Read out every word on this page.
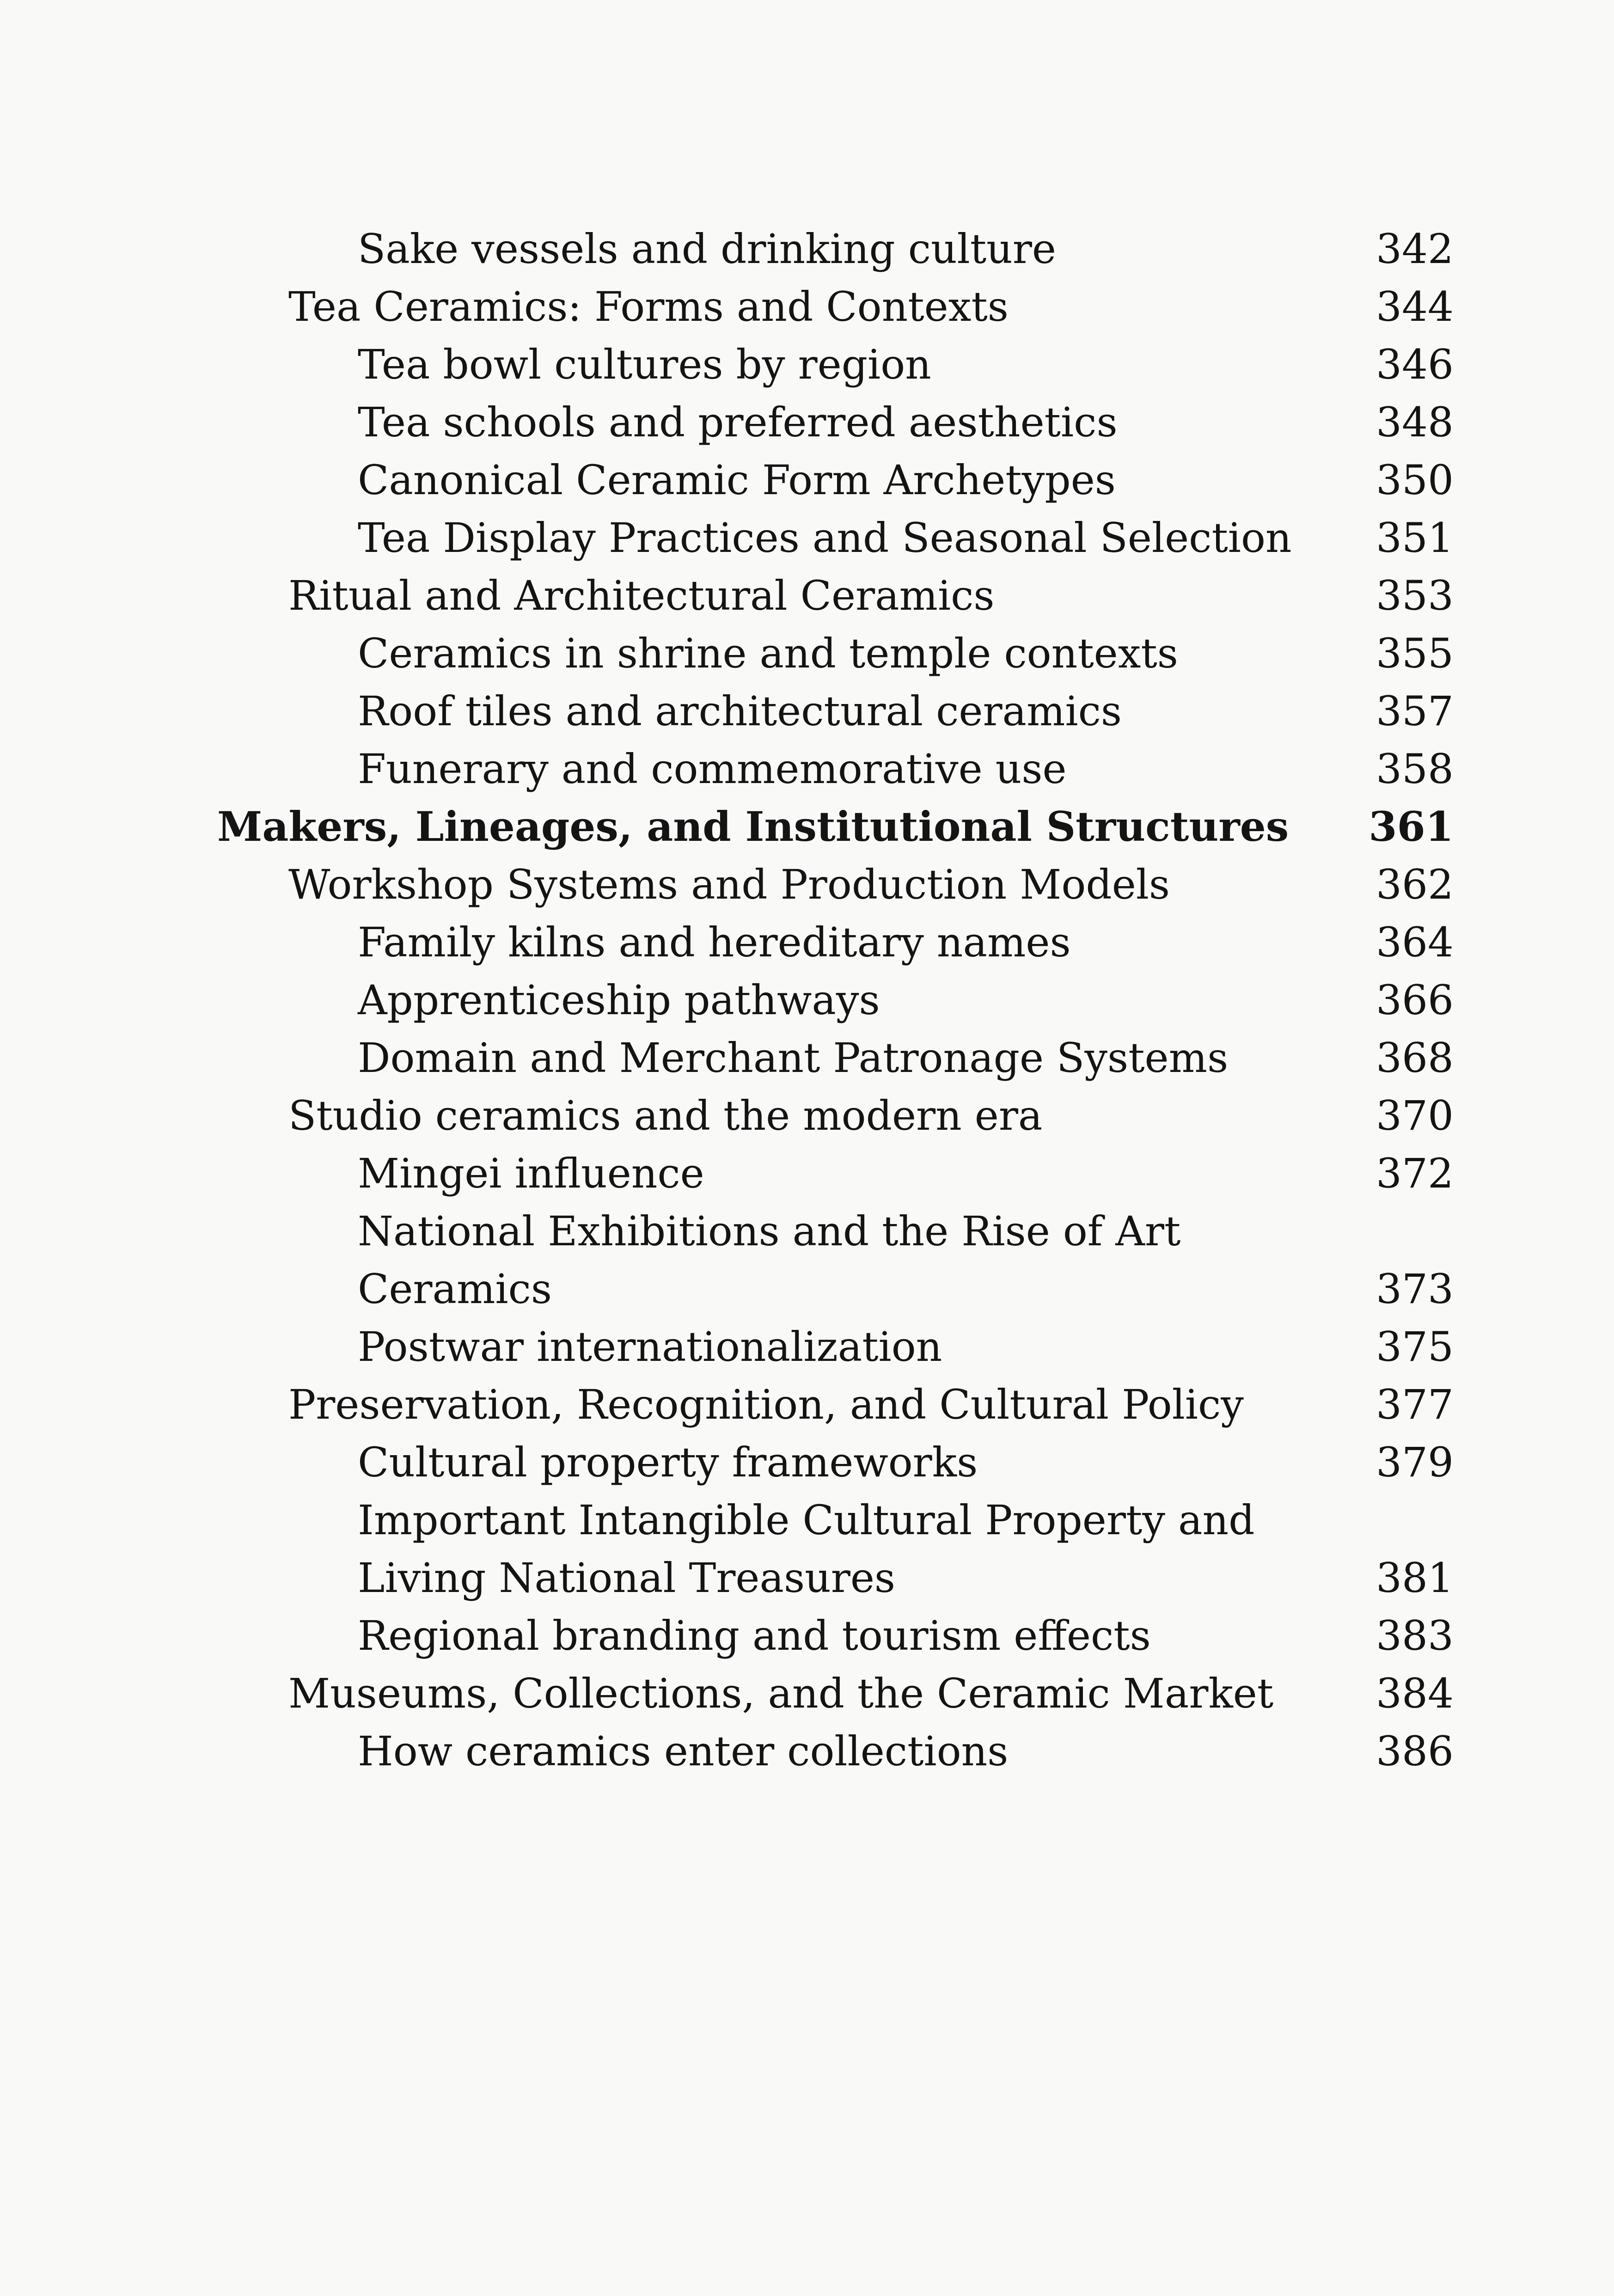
Sake vessels and drinking culture	342
Tea Ceramics: Forms and Contexts	344
Tea bowl cultures by region	346
Tea schools and preferred aesthetics	348
Canonical Ceramic Form Archetypes	350
Tea Display Practices and Seasonal Selection	351
Ritual and Architectural Ceramics	353
Ceramics in shrine and temple contexts	355
Roof tiles and architectural ceramics	357
Funerary and commemorative use	358
Makers, Lineages, and Institutional Structures	361
Workshop Systems and Production Models	362
Family kilns and hereditary names	364
Apprenticeship pathways	366
Domain and Merchant Patronage Systems	368
Studio ceramics and the modern era	370
Mingei influence	372
National Exhibitions and the Rise of Art Ceramics	373
Postwar internationalization	375
Preservation, Recognition, and Cultural Policy	377
Cultural property frameworks	379
Important Intangible Cultural Property and Living National Treasures	381
Regional branding and tourism effects	383
Museums, Collections, and the Ceramic Market	384
How ceramics enter collections	386
